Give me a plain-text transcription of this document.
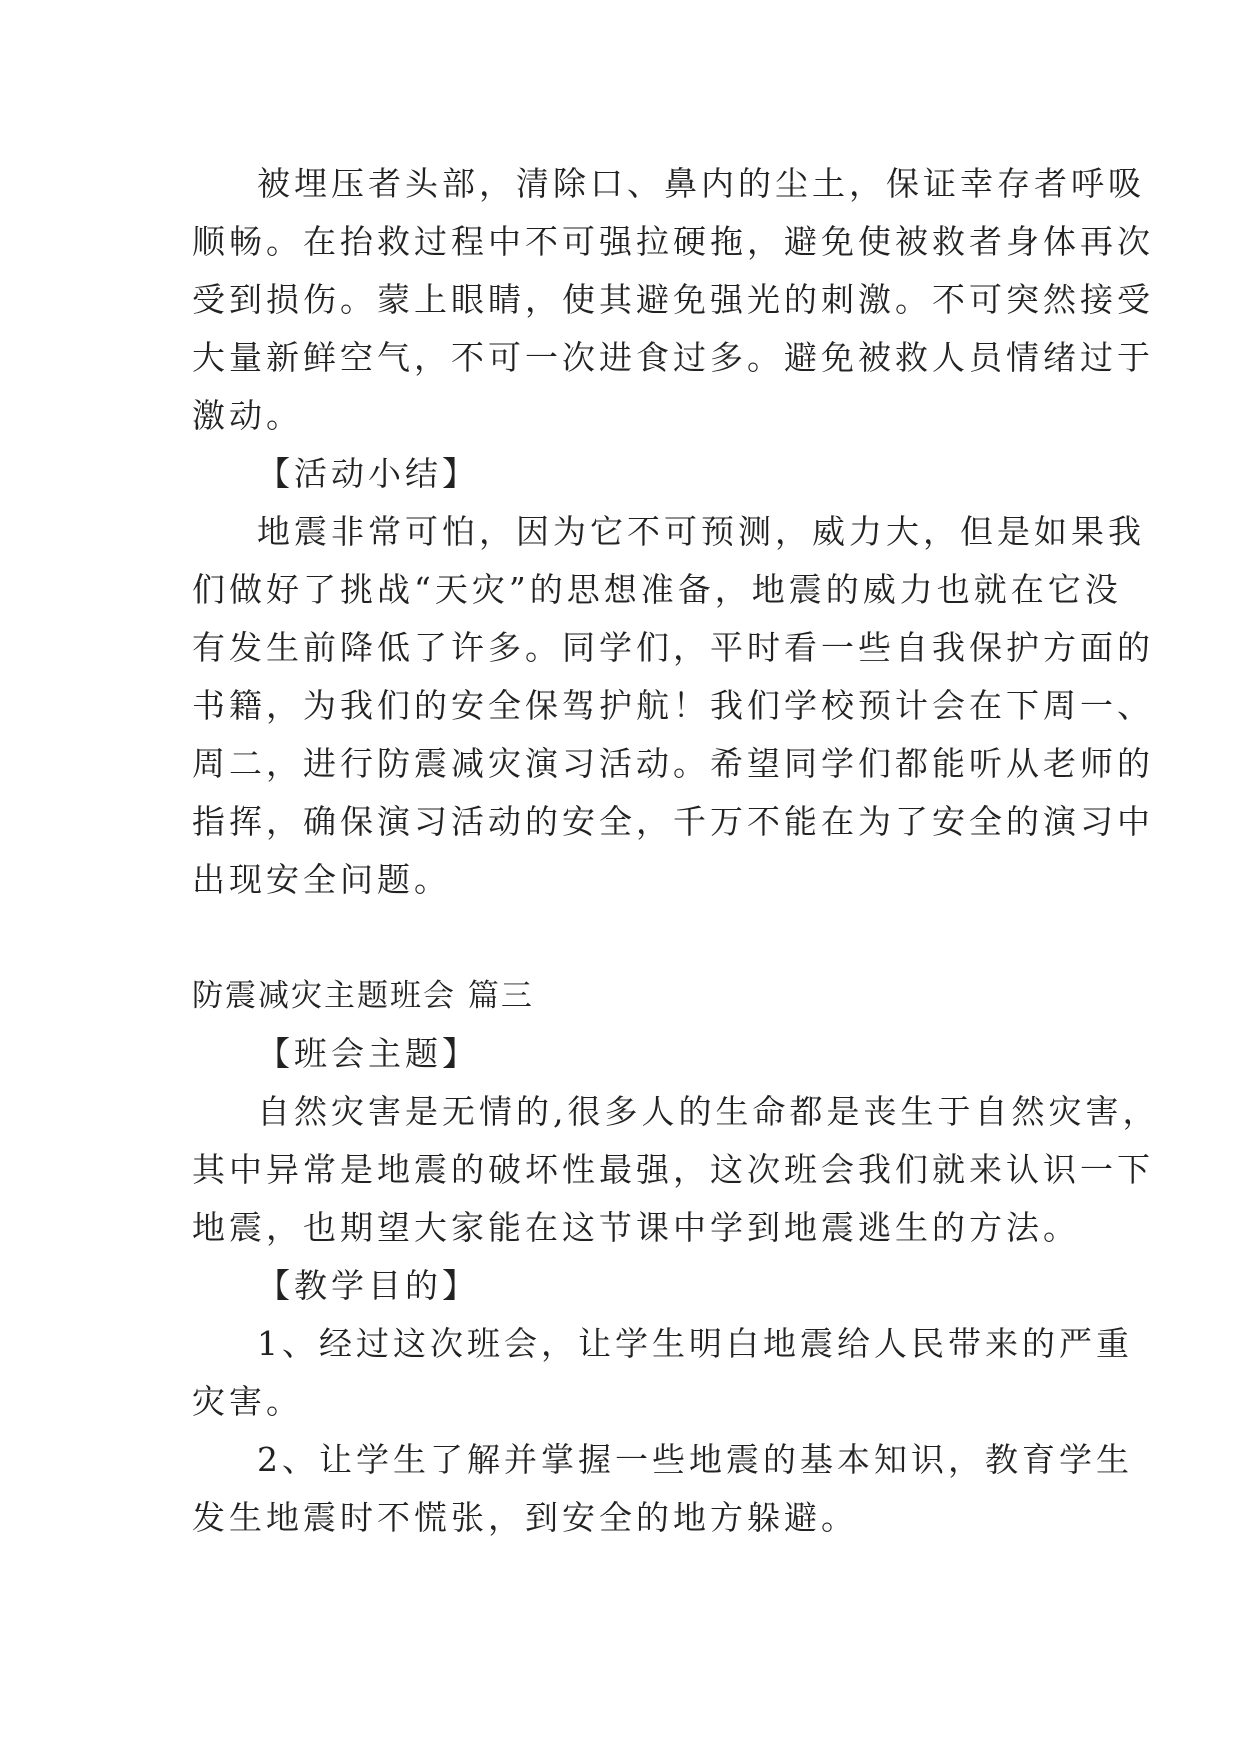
被埋压者头部，清除口、鼻内的尘土，保证幸存者呼吸
顺畅。在抬救过程中不可强拉硬拖，避免使被救者身体再次
受到损伤。蒙上眼睛，使其避免强光的刺激。不可突然接受
大量新鲜空气，不可一次进食过多。避免被救人员情绪过于
激动。
【活动小结】
地震非常可怕，因为它不可预测，威力大，但是如果我
们做好了挑战“天灾”的思想准备，地震的威力也就在它没
有发生前降低了许多。同学们，平时看一些自我保护方面的
书籍，为我们的安全保驾护航！我们学校预计会在下周一、
周二，进行防震减灾演习活动。希望同学们都能听从老师的
指挥，确保演习活动的安全，千万不能在为了安全的演习中
出现安全问题。
防震减灾主题班会 篇三
【班会主题】
自然灾害是无情的,很多人的生命都是丧生于自然灾害，
其中异常是地震的破坏性最强，这次班会我们就来认识一下
地震，也期望大家能在这节课中学到地震逃生的方法。
【教学目的】
1、经过这次班会，让学生明白地震给人民带来的严重
灾害。
2、让学生了解并掌握一些地震的基本知识，教育学生
发生地震时不慌张，到安全的地方躲避。
